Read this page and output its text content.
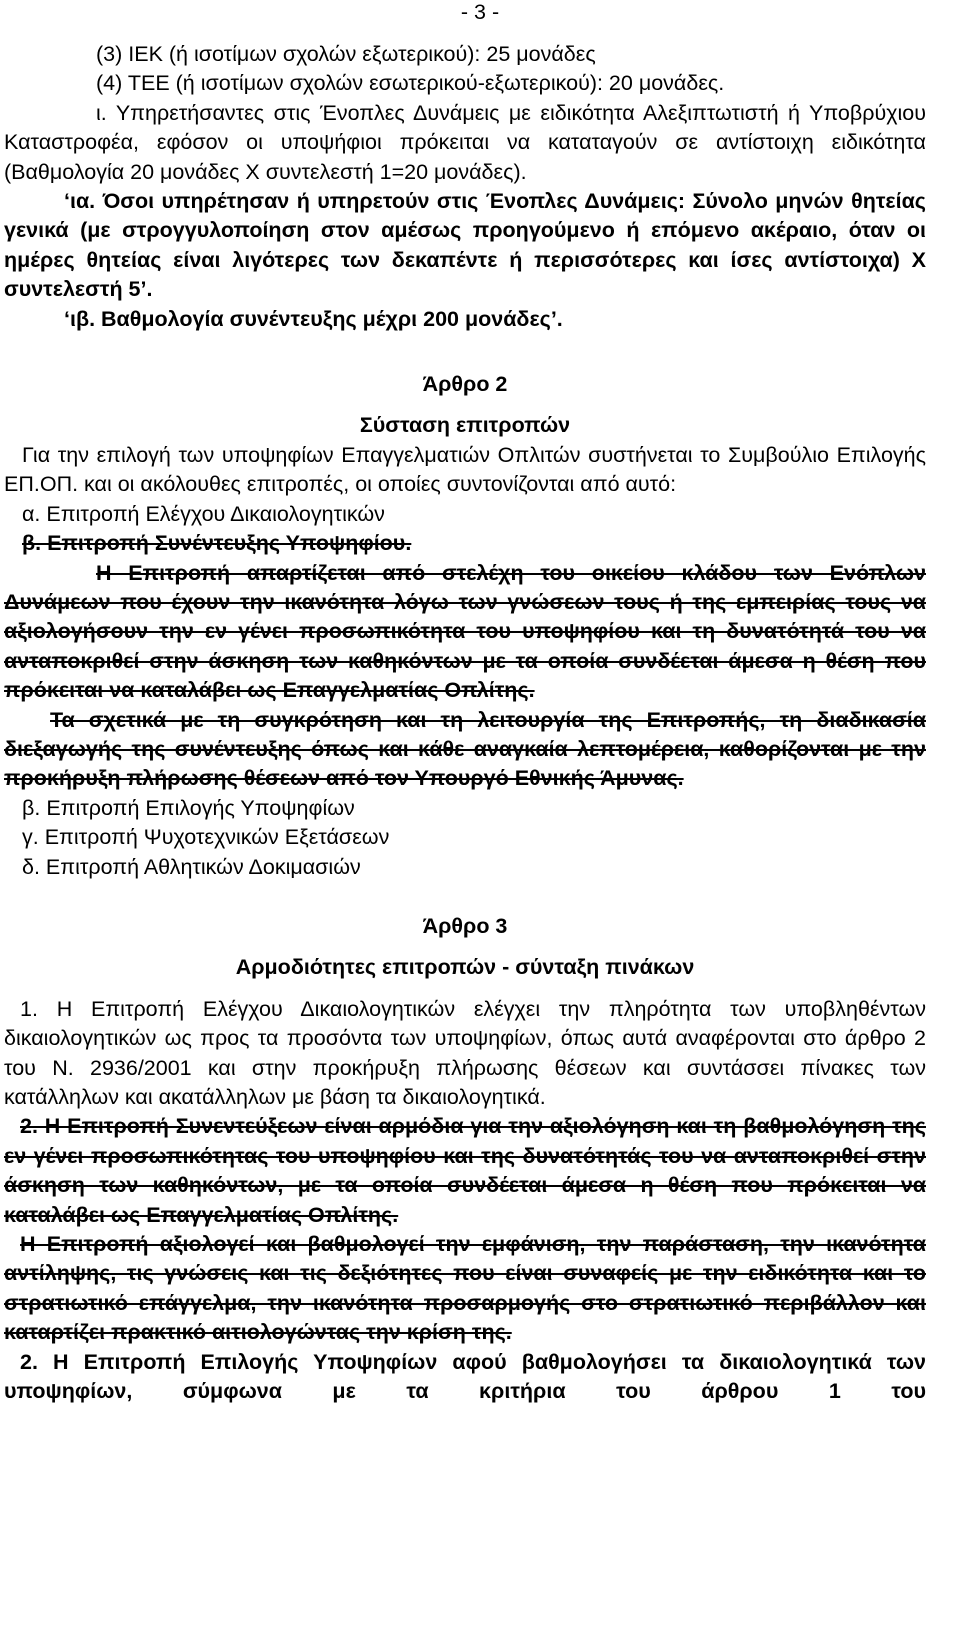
- 3 -

(3) ΙΕΚ (ή ισοτίμων σχολών εξωτερικού): 25 μονάδες

(4) ΤΕΕ (ή ισοτίμων σχολών εσωτερικού-εξωτερικού): 20 μονάδες.

ι. Υπηρετήσαντες στις Ένοπλες Δυνάμεις με ειδικότητα Αλεξιπτωτιστή ή Υποβρύχιου Καταστροφέα, εφόσον οι υποψήφιοι πρόκειται να καταταγούν σε αντίστοιχη ειδικότητα (Βαθμολογία 20 μονάδες Χ συντελεστή 1=20 μονάδες).

‘ια. Όσοι υπηρέτησαν ή υπηρετούν στις Ένοπλες Δυνάμεις: Σύνολο μηνών θητείας γενικά (με στρογγυλοποίηση στον αμέσως προηγούμενο ή επόμενο ακέραιο, όταν οι ημέρες θητείας είναι λιγότερες των δεκαπέντε ή περισσότερες και ίσες αντίστοιχα) Χ συντελεστή 5’.

‘ιβ. Βαθμολογία συνέντευξης μέχρι 200 μονάδες’.

Άρθρο 2

Σύσταση επιτροπών

Για την επιλογή των υποψηφίων Επαγγελματιών Οπλιτών συστήνεται το Συμβούλιο Επιλογής ΕΠ.ΟΠ. και οι ακόλουθες επιτροπές, οι οποίες συντονίζονται από αυτό:

α. Επιτροπή Ελέγχου Δικαιολογητικών

β. Επιτροπή Συνέντευξης Υποψηφίου.

Η Επιτροπή απαρτίζεται από στελέχη του οικείου κλάδου των Ενόπλων Δυνάμεων που έχουν την ικανότητα λόγω των γνώσεων τους ή της εμπειρίας τους να αξιολογήσουν την εν γένει προσωπικότητα του υποψηφίου και τη δυνατότητά του να ανταποκριθεί στην άσκηση των καθηκόντων με τα οποία συνδέεται άμεσα η θέση που πρόκειται να καταλάβει ως Επαγγελματίας Οπλίτης.

Τα σχετικά με τη συγκρότηση και τη λειτουργία της Επιτροπής, τη διαδικασία διεξαγωγής της συνέντευξης όπως και κάθε αναγκαία λεπτομέρεια, καθορίζονται με την προκήρυξη πλήρωσης θέσεων από τον Υπουργό Εθνικής Άμυνας.

β. Επιτροπή Επιλογής Υποψηφίων

γ. Επιτροπή Ψυχοτεχνικών Εξετάσεων

δ. Επιτροπή Αθλητικών Δοκιμασιών

Άρθρο 3

Αρμοδιότητες επιτροπών - σύνταξη πινάκων

1. Η Επιτροπή Ελέγχου Δικαιολογητικών ελέγχει την πληρότητα των υποβληθέντων δικαιολογητικών ως προς τα προσόντα των υποψηφίων, όπως αυτά αναφέρονται στο άρθρο 2 του Ν. 2936/2001 και στην προκήρυξη πλήρωσης θέσεων και συντάσσει πίνακες των κατάλληλων και ακατάλληλων με βάση τα δικαιολογητικά.

2. Η Επιτροπή Συνεντεύξεων είναι αρμόδια για την αξιολόγηση και τη βαθμολόγηση της εν γένει προσωπικότητας του υποψηφίου και της δυνατότητάς του να ανταποκριθεί στην άσκηση των καθηκόντων, με τα οποία συνδέεται άμεσα η θέση που πρόκειται να καταλάβει ως Επαγγελματίας Οπλίτης.

Η Επιτροπή αξιολογεί και βαθμολογεί την εμφάνιση, την παράσταση, την ικανότητα αντίληψης, τις γνώσεις και τις δεξιότητες που είναι συναφείς με την ειδικότητα και το στρατιωτικό επάγγελμα, την ικανότητα προσαρμογής στο στρατιωτικό περιβάλλον και καταρτίζει πρακτικό αιτιολογώντας την κρίση της.

2. Η Επιτροπή Επιλογής Υποψηφίων αφού βαθμολογήσει τα δικαιολογητικά των υποψηφίων, σύμφωνα με τα κριτήρια του άρθρου 1 του
